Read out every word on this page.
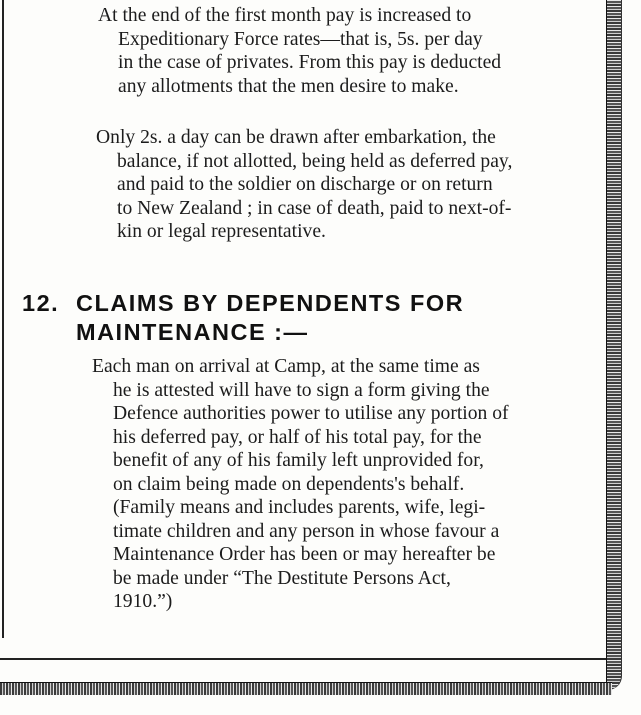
At the end of the first month pay is increased to
Expeditionary Force rates—that is, 5s. per day
in the case of privates. From this pay is deducted
any allotments that the men desire to make.

Only 2s. a day can be drawn after embarkation, the
balance, if not allotted, being held as deferred pay,
and paid to the soldier on discharge or on return
to New Zealand ; in case of death, paid to next-of-
kin or legal representative.

12. CLAIMS BY DEPENDENTS FOR
MAINTENANCE :—

Each man on arrival at Camp, at the same time as
he is attested will have to sign a form giving the
Defence authorities power to utilise any portion of
his deferred pay, or half of his total pay, for the
benefit of any of his family left unprovided for,
on claim being made on dependents's behalf.
(Family means and includes parents, wife, legi-
timate children and any person in whose favour a
Maintenance Order has been or may hereafter be
be made under “The Destitute Persons Act,
1910.”)
